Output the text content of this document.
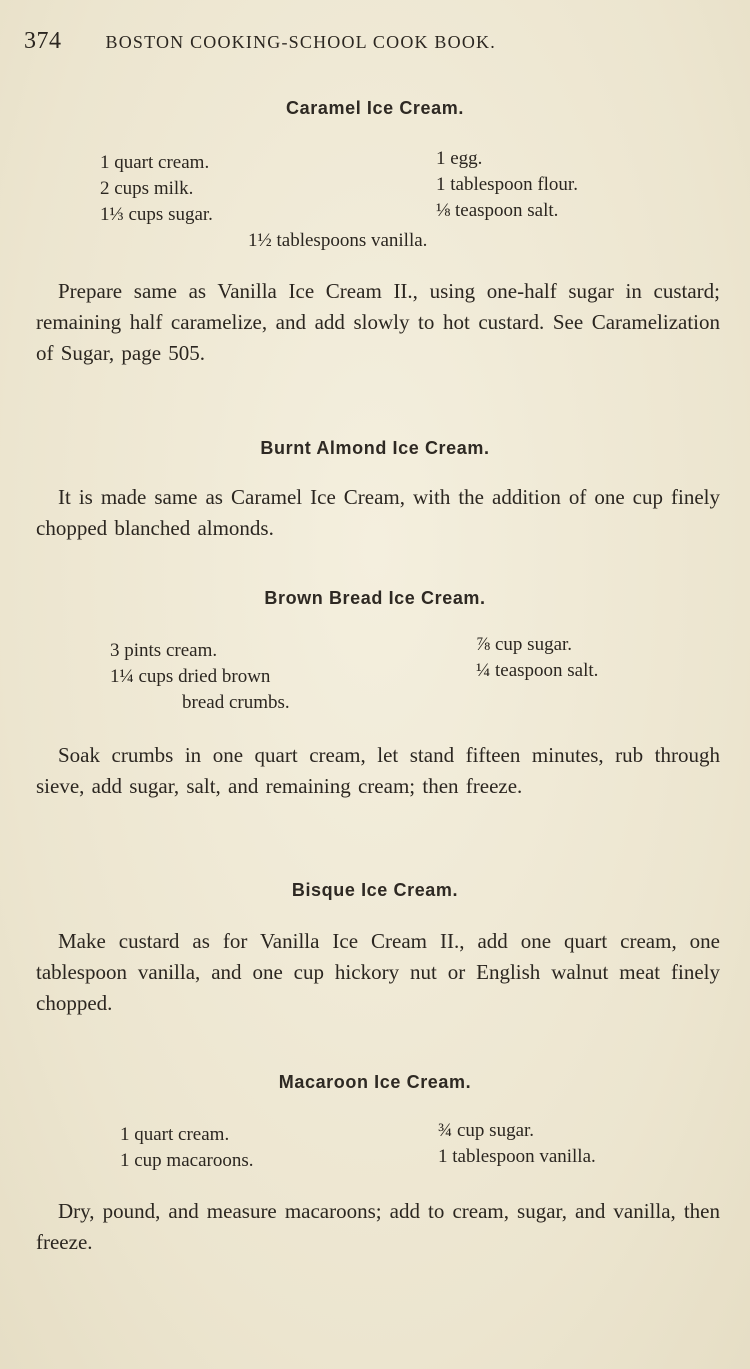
374 BOSTON COOKING-SCHOOL COOK BOOK.
Caramel Ice Cream.
1 quart cream.
2 cups milk.
1⅓ cups sugar.
1 egg.
1 tablespoon flour.
⅛ teaspoon salt.
1½ tablespoons vanilla.
Prepare same as Vanilla Ice Cream II., using one-half sugar in custard; remaining half caramelize, and add slowly to hot custard. See Caramelization of Sugar, page 505.
Burnt Almond Ice Cream.
It is made same as Caramel Ice Cream, with the addition of one cup finely chopped blanched almonds.
Brown Bread Ice Cream.
3 pints cream.
1¼ cups dried brown
bread crumbs.
⅞ cup sugar.
¼ teaspoon salt.
Soak crumbs in one quart cream, let stand fifteen minutes, rub through sieve, add sugar, salt, and remaining cream; then freeze.
Bisque Ice Cream.
Make custard as for Vanilla Ice Cream II., add one quart cream, one tablespoon vanilla, and one cup hickory nut or English walnut meat finely chopped.
Macaroon Ice Cream.
1 quart cream.
1 cup macaroons.
¾ cup sugar.
1 tablespoon vanilla.
Dry, pound, and measure macaroons; add to cream, sugar, and vanilla, then freeze.
